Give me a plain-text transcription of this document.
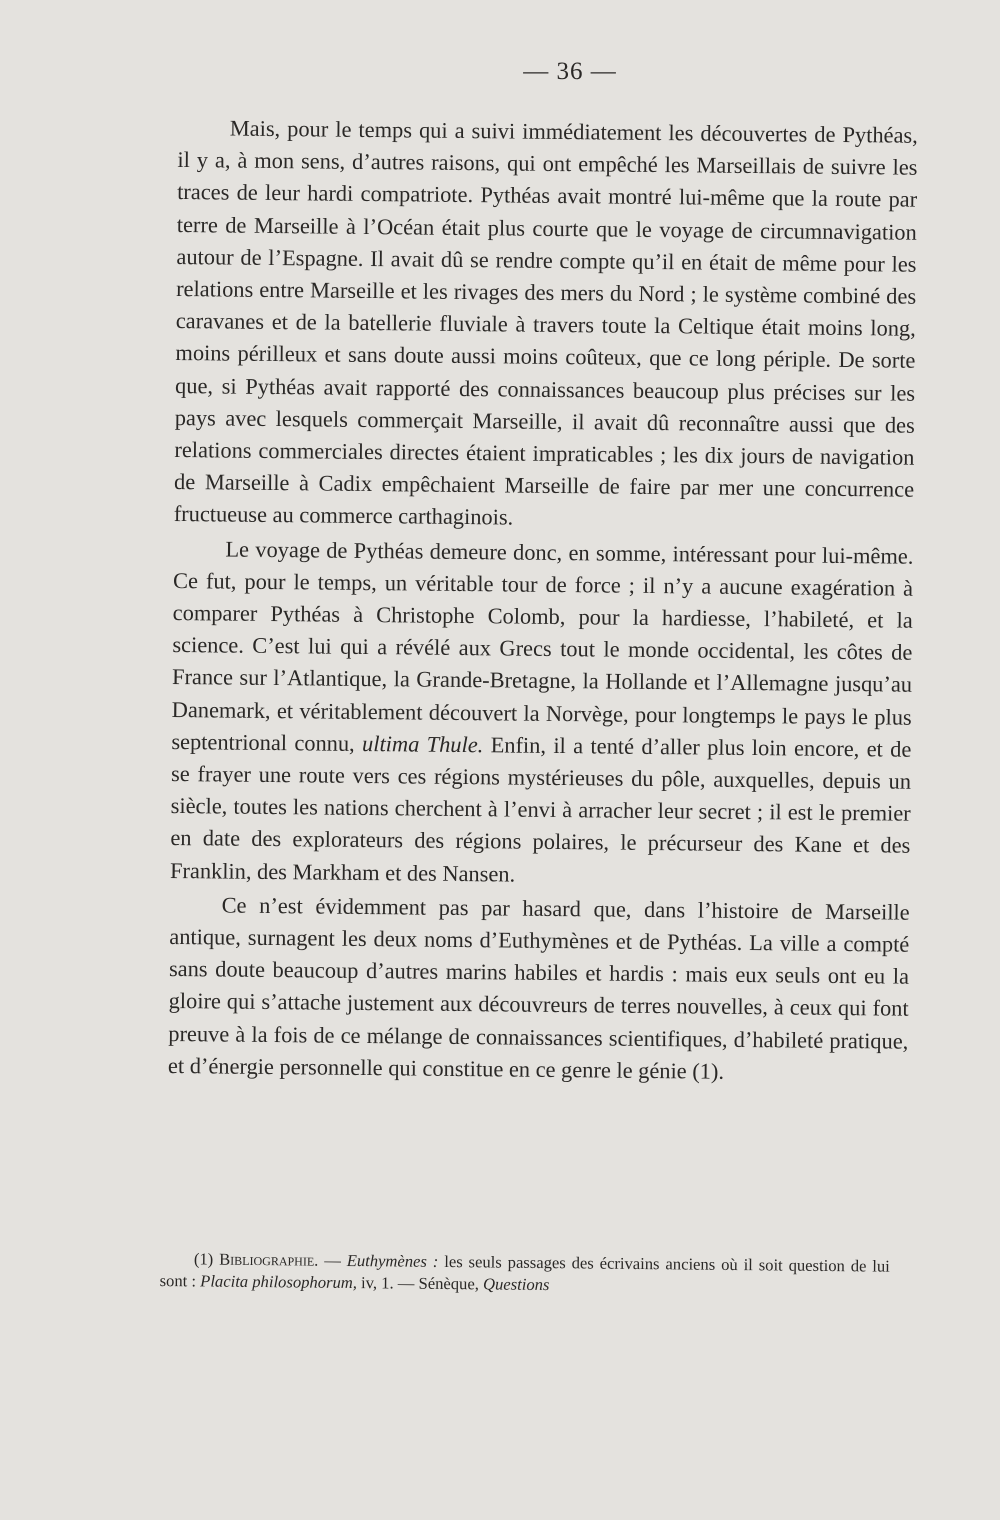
— 36 —

Mais, pour le temps qui a suivi immédiatement les découvertes de Pythéas, il y a, à mon sens, d’autres raisons, qui ont empêché les Marseillais de suivre les traces de leur hardi compatriote. Pythéas avait montré lui-même que la route par terre de Marseille à l’Océan était plus courte que le voyage de circumnavigation autour de l’Espagne. Il avait dû se rendre compte qu’il en était de même pour les relations entre Marseille et les rivages des mers du Nord ; le système combiné des caravanes et de la batellerie fluviale à travers toute la Celtique était moins long, moins périlleux et sans doute aussi moins coûteux, que ce long périple. De sorte que, si Pythéas avait rapporté des connaissances beaucoup plus précises sur les pays avec lesquels commerçait Marseille, il avait dû reconnaître aussi que des relations commerciales directes étaient impraticables ; les dix jours de navigation de Marseille à Cadix empêchaient Marseille de faire par mer une concurrence fructueuse au commerce carthaginois.

Le voyage de Pythéas demeure donc, en somme, intéressant pour lui-même. Ce fut, pour le temps, un véritable tour de force ; il n’y a aucune exagération à comparer Pythéas à Christophe Colomb, pour la hardiesse, l’habileté, et la science. C’est lui qui a révélé aux Grecs tout le monde occidental, les côtes de France sur l’Atlantique, la Grande-Bretagne, la Hollande et l’Allemagne jusqu’au Danemark, et véritablement découvert la Norvège, pour longtemps le pays le plus septentrional connu, ultima Thule. Enfin, il a tenté d’aller plus loin encore, et de se frayer une route vers ces régions mystérieuses du pôle, auxquelles, depuis un siècle, toutes les nations cherchent à l’envi à arracher leur secret ; il est le premier en date des explorateurs des régions polaires, le précurseur des Kane et des Franklin, des Markham et des Nansen.

Ce n’est évidemment pas par hasard que, dans l’histoire de Marseille antique, surnagent les deux noms d’Euthymènes et de Pythéas. La ville a compté sans doute beaucoup d’autres marins habiles et hardis : mais eux seuls ont eu la gloire qui s’attache justement aux découvreurs de terres nouvelles, à ceux qui font preuve à la fois de ce mélange de connaissances scientifiques, d’habileté pratique, et d’énergie personnelle qui constitue en ce genre le génie (1).

(1) Bibliographie. — Euthymènes : les seuls passages des écrivains anciens où il soit question de lui sont : Placita philosophorum, iv, 1. — Sénèque, Questions
